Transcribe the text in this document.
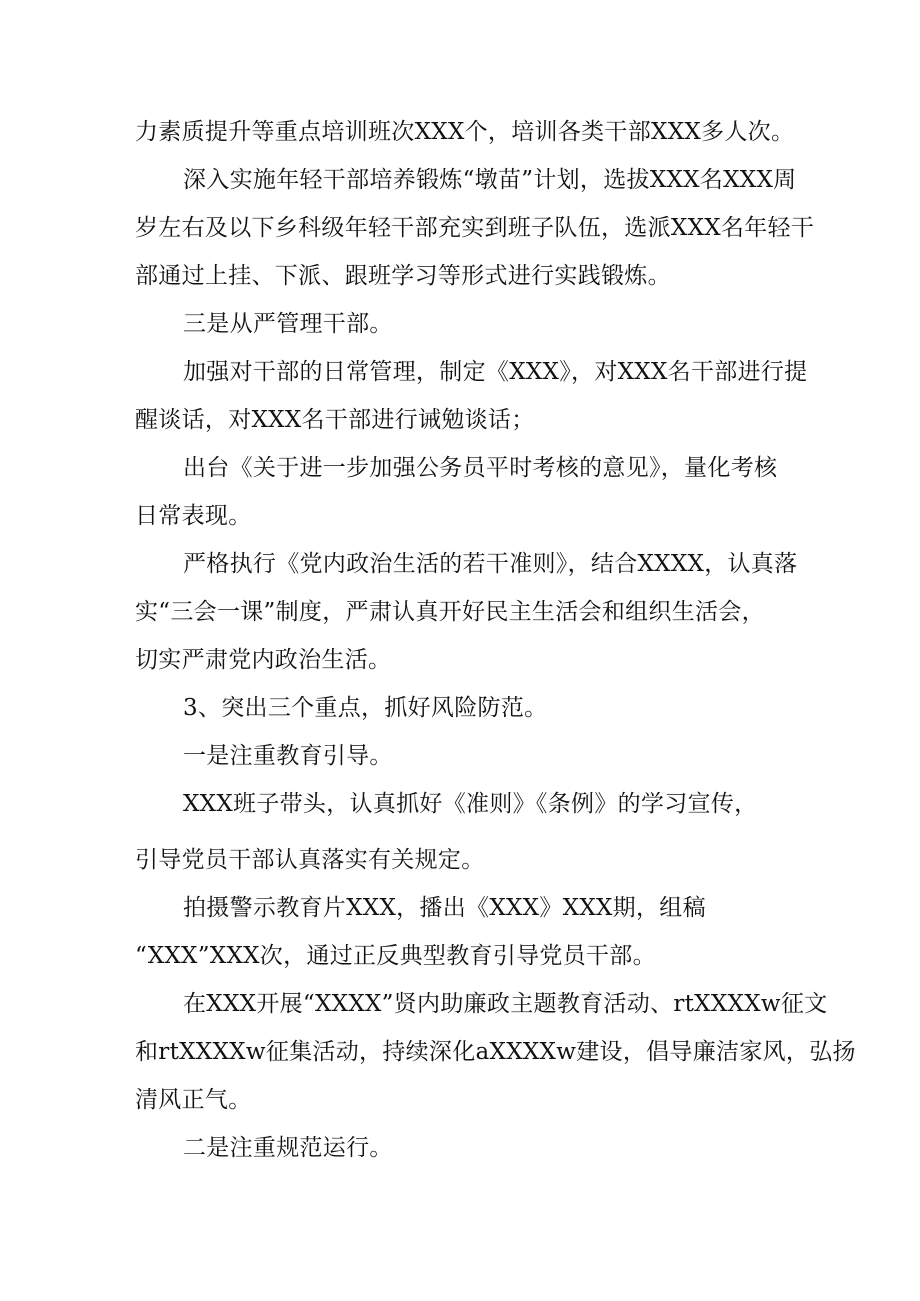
力素质提升等重点培训班次XXX个，培训各类干部XXX多人次。
深入实施年轻干部培养锻炼“墩苗”计划，选拔XXX名XXX周
岁左右及以下乡科级年轻干部充实到班子队伍，选派XXX名年轻干
部通过上挂、下派、跟班学习等形式进行实践锻炼。
三是从严管理干部。
加强对干部的日常管理，制定《XXX》，对XXX名干部进行提
醒谈话，对XXX名干部进行诫勉谈话；
出台《关于进一步加强公务员平时考核的意见》，量化考核
日常表现。
严格执行《党内政治生活的若干准则》，结合XXXX，认真落
实“三会一课”制度，严肃认真开好民主生活会和组织生活会，
切实严肃党内政治生活。
3、突出三个重点，抓好风险防范。
一是注重教育引导。
XXX班子带头，认真抓好《准则》《条例》的学习宣传，
引导党员干部认真落实有关规定。
拍摄警示教育片XXX，播出《XXX》XXX期，组稿
“XXX”XXX次，通过正反典型教育引导党员干部。
在XXX开展“XXXX”贤内助廉政主题教育活动、rtXXXXw征文
和rtXXXXw征集活动，持续深化aXXXXw建设，倡导廉洁家风，弘扬
清风正气。
二是注重规范运行。
